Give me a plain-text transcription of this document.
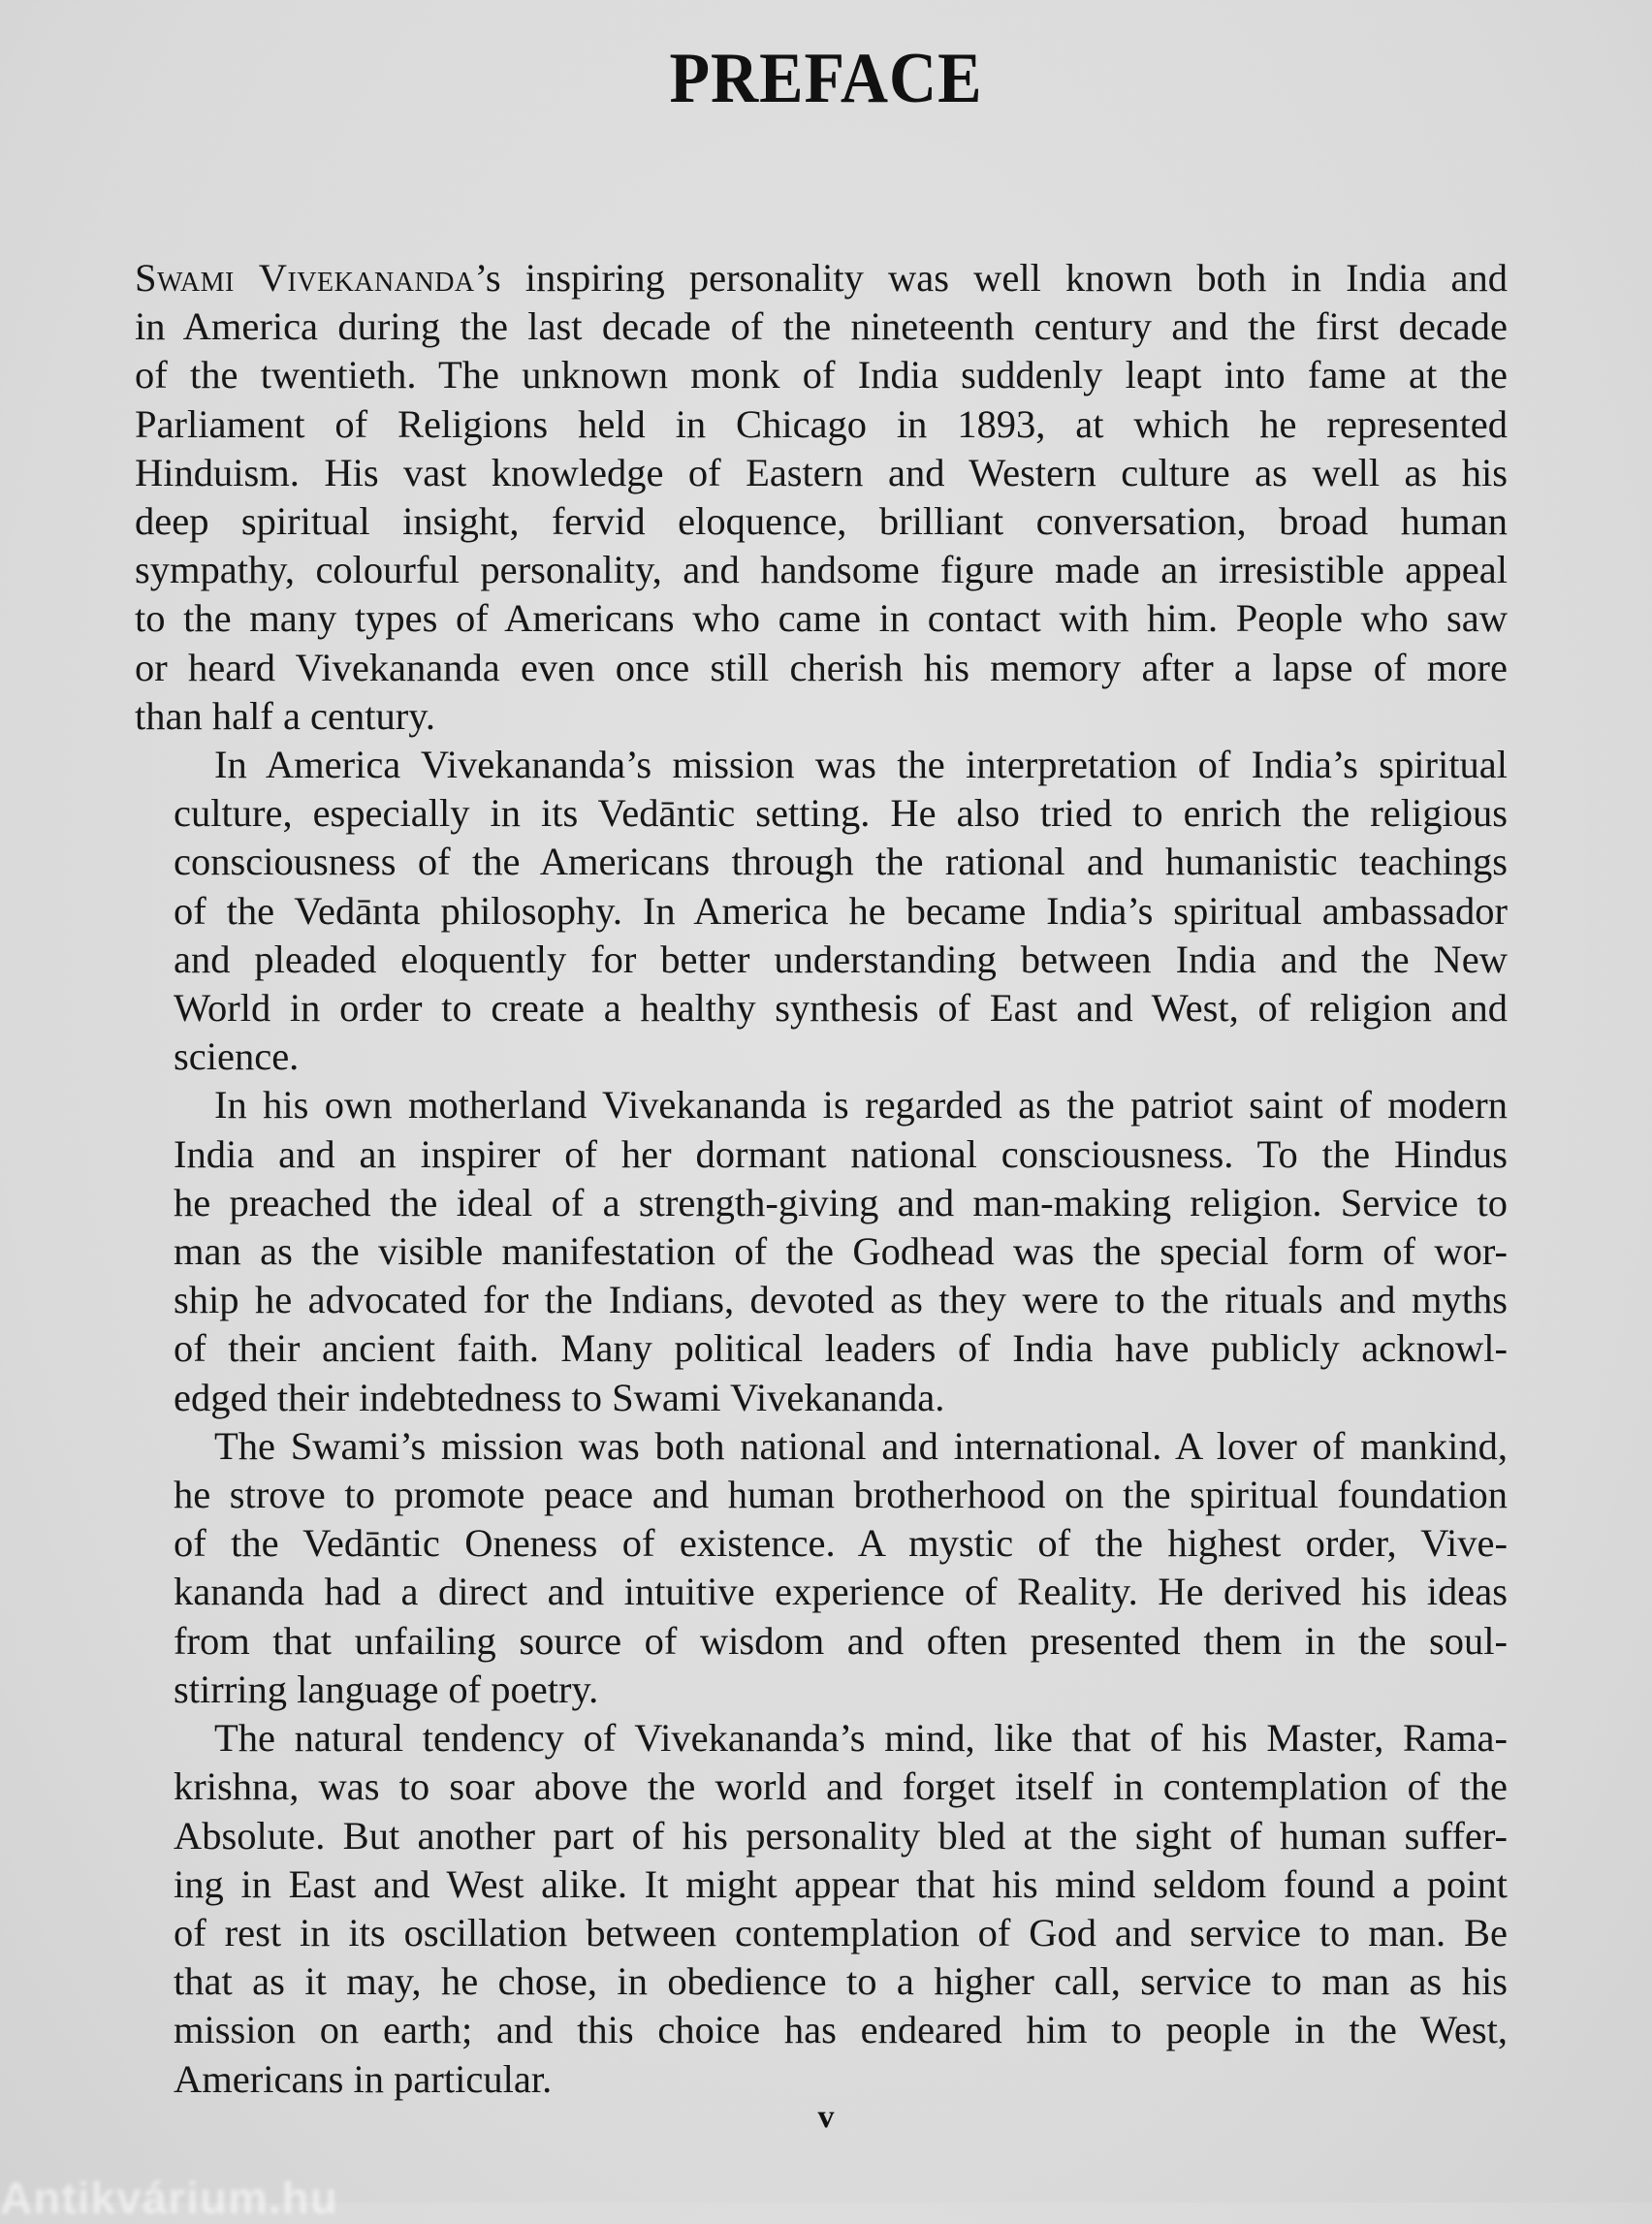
PREFACE
Swami Vivekananda’s inspiring personality was well known both in India and
in America during the last decade of the nineteenth century and the first decade
of the twentieth. The unknown monk of India suddenly leapt into fame at the
Parliament of Religions held in Chicago in 1893, at which he represented
Hinduism. His vast knowledge of Eastern and Western culture as well as his
deep spiritual insight, fervid eloquence, brilliant conversation, broad human
sympathy, colourful personality, and handsome figure made an irresistible appeal
to the many types of Americans who came in contact with him. People who saw
or heard Vivekananda even once still cherish his memory after a lapse of more
than half a century.
In America Vivekananda’s mission was the interpretation of India’s spiritual
culture, especially in its Vedāntic setting. He also tried to enrich the religious
consciousness of the Americans through the rational and humanistic teachings
of the Vedānta philosophy. In America he became India’s spiritual ambassador
and pleaded eloquently for better understanding between India and the New
World in order to create a healthy synthesis of East and West, of religion and
science.
In his own motherland Vivekananda is regarded as the patriot saint of modern
India and an inspirer of her dormant national consciousness. To the Hindus
he preached the ideal of a strength-giving and man-making religion. Service to
man as the visible manifestation of the Godhead was the special form of wor-
ship he advocated for the Indians, devoted as they were to the rituals and myths
of their ancient faith. Many political leaders of India have publicly acknowl-
edged their indebtedness to Swami Vivekananda.
The Swami’s mission was both national and international. A lover of mankind,
he strove to promote peace and human brotherhood on the spiritual foundation
of the Vedāntic Oneness of existence. A mystic of the highest order, Vive-
kananda had a direct and intuitive experience of Reality. He derived his ideas
from that unfailing source of wisdom and often presented them in the soul-
stirring language of poetry.
The natural tendency of Vivekananda’s mind, like that of his Master, Rama-
krishna, was to soar above the world and forget itself in contemplation of the
Absolute. But another part of his personality bled at the sight of human suffer-
ing in East and West alike. It might appear that his mind seldom found a point
of rest in its oscillation between contemplation of God and service to man. Be
that as it may, he chose, in obedience to a higher call, service to man as his
mission on earth; and this choice has endeared him to people in the West,
Americans in particular.
v
Antikvárium.hu
